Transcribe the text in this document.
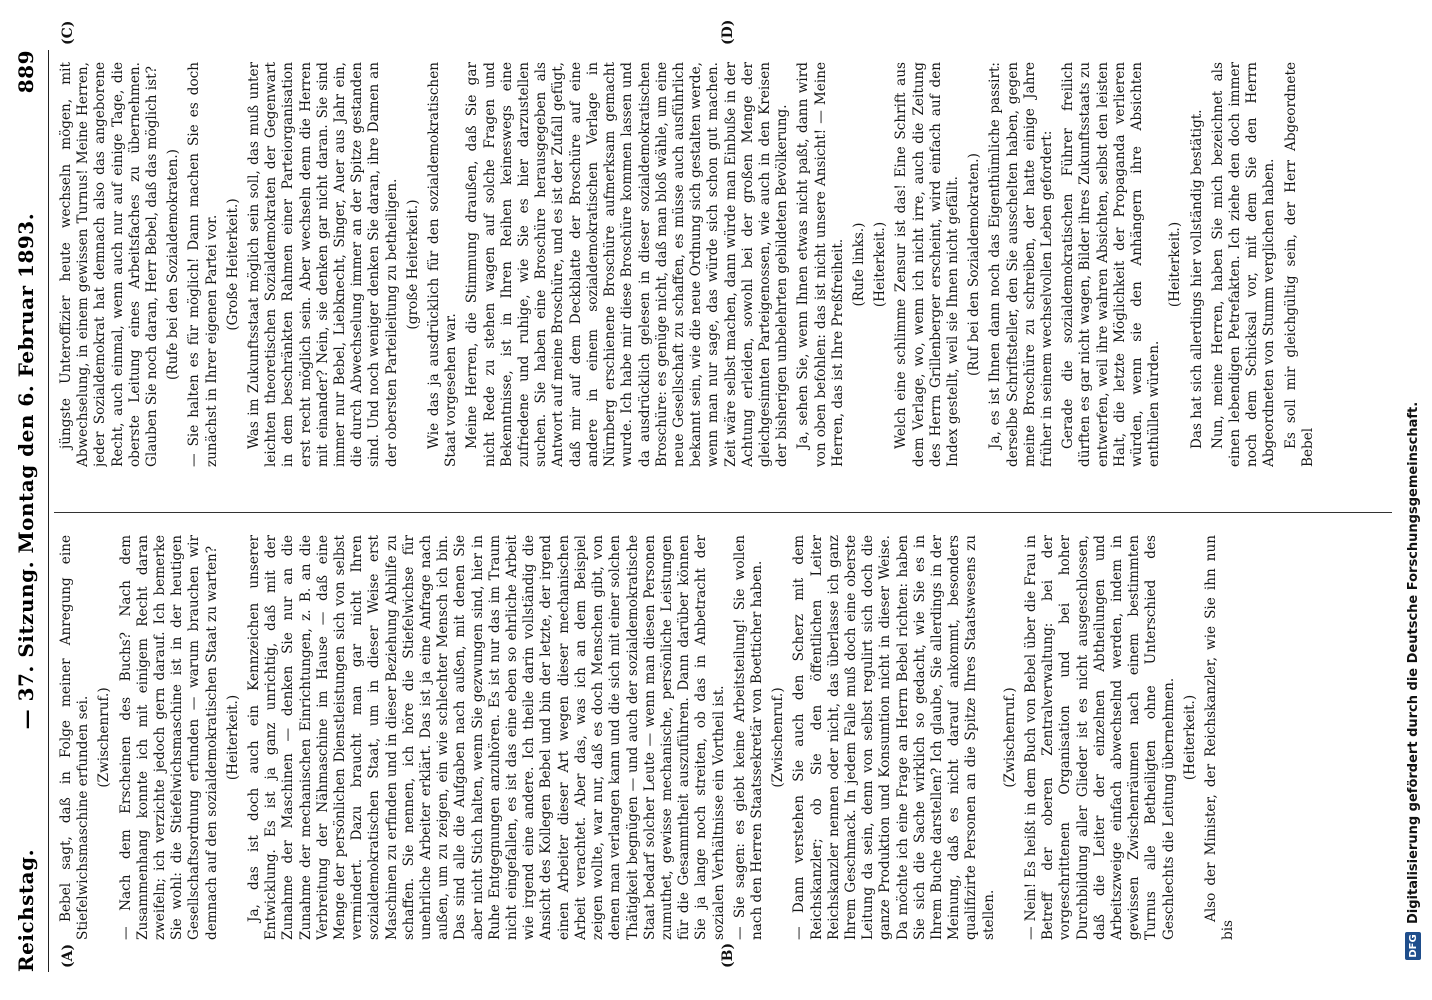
Reichstag.
— 37. Sitzung. Montag den 6. Februar 1893.
889
(A)	(B)
(C)	(D)

Bebel sagt, daß in Folge meiner Anregung eine Stiefelwichsmaschine erfunden sei. (Zwischenruf.) — Nach dem Erscheinen des Buchs? Nach dem Zusammenhang konnte ich mit einigem Recht daran zweifeln; ich verzichte jedoch gern darauf. Ich bemerke Sie wohl: die Stiefelwichsmaschine ist in der heutigen Gesellschaftsordnung erfunden — warum brauchen wir demnach auf den sozialdemokratischen Staat zu warten? (Heiterkeit.) Ja, das ist doch auch ein Kennzeichen unserer Entwicklung. Es ist ja ganz unrichtig, daß mit der Zunahme der Maschinen — denken Sie nur an die Zunahme der mechanischen Einrichtungen, z. B. an die Verbreitung der Nähmaschine im Hause — daß eine Menge der persönlichen Dienstleistungen sich von selbst vermindert. Dazu braucht man gar nicht Ihren sozialdemokratischen Staat, um in dieser Weise erst Maschinen zu erfinden und in dieser Beziehung Abhilfe zu schaffen. Sie nennen, ich höre die Stiefelwichse für unehrliche Arbeiter erklärt. Das ist ja eine Anfrage nach außen, um zu zeigen, ein wie schlechter Mensch ich bin. Das sind alle die Aufgaben nach außen, mit denen Sie aber nicht Stich halten, wenn Sie gezwungen sind, hier in Ruhe Entgegnungen anzuhören. Es ist nur das im Traum nicht eingefallen, es ist das eine eben so ehrliche Arbeit wie irgend eine andere. Ich theile darin vollständig die Ansicht des Kollegen Bebel und bin der letzte, der irgend einen Arbeiter dieser Art wegen dieser mechanischen Arbeit verachtet. Aber das, was ich an dem Beispiel zeigen wollte, war nur, daß es doch Menschen gibt, von denen man verlangen kann und die sich mit einer solchen Thätigkeit begnügen — und auch der sozialdemokratische Staat bedarf solcher Leute — wenn man diesen Personen zumuthet, gewisse mechanische, persönliche Leistungen für die Gesammtheit auszuführen. Dann darüber können Sie ja lange noch streiten, ob das in Anbetracht der sozialen Verhältnisse ein Vortheil ist. — Sie sagen: es giebt keine Arbeitsteilung! Sie wollen nach den Herren Staatssekretär von Boetticher haben. (Zwischenruf.) — Dann verstehen Sie auch den Scherz mit dem Reichskanzler; ob Sie den öffentlichen Leiter Reichskanzler nennen oder nicht, das überlasse ich ganz Ihrem Geschmack. In jedem Falle muß doch eine oberste Leitung da sein, denn von selbst regulirt sich doch die ganze Produktion und Konsumtion nicht in dieser Weise. Da möchte ich eine Frage an Herrn Bebel richten: haben Sie sich die Sache wirklich so gedacht, wie Sie es in Ihrem Buche darstellen? Ich glaube, Sie allerdings in der Meinung, daß es nicht darauf ankommt, besonders qualifizirte Personen an die Spitze Ihres Staatswesens zu stellen.

(Zwischenruf.) — Nein! Es heißt in dem Buch von Bebel über die Frau in Betreff der oberen Zentralverwaltung: bei der vorgeschrittenen Organisation und bei hoher Durchbildung aller Glieder ist es nicht ausgeschlossen, daß die Leiter der einzelnen Abtheilungen und Arbeitszweige einfach abwechselnd werden, indem in gewissen Zwischenräumen nach einem bestimmten Turnus alle Betheiligten ohne Unterschied des Geschlechts die Leitung übernehmen. (Heiterkeit.) Also der Minister, der Reichskanzler, wie Sie ihn nun bis

jüngste Unteroffizier heute wechseln mögen, mit Abwechselung, in einem gewissen Turnus! Meine Herren, jeder Sozialdemokrat hat demnach also das angeborene Recht, auch einmal, wenn auch nur auf einige Tage, die oberste Leitung eines Arbeitsfaches zu übernehmen. Glauben Sie noch daran, Herr Bebel, daß das möglich ist? (Rufe bei den Sozialdemokraten.) — Sie halten es für möglich! Dann machen Sie es doch zunächst in Ihrer eigenen Partei vor. (Große Heiterkeit.) Was im Zukunftsstaat möglich sein soll, das muß unter leichten theoretischen Sozialdemokraten der Gegenwart in dem beschränkten Rahmen einer Parteiorganisation erst recht möglich sein. Aber wechseln denn die Herren mit einander? Nein, sie denken gar nicht daran. Sie sind immer nur Bebel, Liebknecht, Singer, Auer aus Jahr ein, die durch Abwechselung immer an der Spitze gestanden sind. Und noch weniger denken Sie daran, ihre Damen an der obersten Parteileitung zu betheiligen. (große Heiterkeit.) Wie das ja ausdrücklich für den sozialdemokratischen Staat vorgesehen war. Meine Herren, die Stimmung draußen, daß Sie gar nicht Rede zu stehen wagen auf solche Fragen und Bekenntnisse, ist in Ihren Reihen keineswegs eine zufriedene und ruhige, wie Sie es hier darzustellen suchen. Sie haben eine Broschüre herausgegeben als Antwort auf meine Broschüre, und es ist der Zufall gefügt, daß mir auf dem Deckblatte der Broschüre auf eine andere in einem sozialdemokratischen Verlage in Nürnberg erschienene Broschüre aufmerksam gemacht wurde. Ich habe mir diese Broschüre kommen lassen und da ausdrücklich gelesen in dieser sozialdemokratischen Broschüre: es genüge nicht, daß man bloß wähle, um eine neue Gesellschaft zu schaffen, es müsse auch ausführlich bekannt sein, wie die neue Ordnung sich gestalten werde, wenn man nur sage, das würde sich schon gut machen. Zeit wäre selbst machen, dann würde man Einbuße in der Achtung erleiden, sowohl bei der großen Menge der gleichgesinnten Parteigenossen, wie auch in den Kreisen der bisherigen unbelehrten gebildeten Bevölkerung. Ja, sehen Sie, wenn Ihnen etwas nicht paßt, dann wird von oben befohlen: das ist nicht unsere Ansicht! — Meine Herren, das ist Ihre Preßfreiheit. (Rufe links.) (Heiterkeit.) Welch eine schlimme Zensur ist das! Eine Schrift aus dem Verlage, wo, wenn ich nicht irre, auch die Zeitung des Herrn Grillenberger erscheint, wird einfach auf den Index gestellt, weil sie Ihnen nicht gefällt. (Ruf bei den Sozialdemokraten.) Ja, es ist Ihnen dann noch das Eigenthümliche passirt: derselbe Schriftsteller, den Sie ausschelten haben, gegen meine Broschüre zu schreiben, der hatte einige Jahre früher in seinem wechselvollen Leben gefordert: Gerade die sozialdemokratischen Führer freilich dürften es gar nicht wagen, Bilder ihres Zukunftsstaats zu entwerfen, weil ihre wahren Absichten, selbst den leisten Halt, die letzte Möglichkeit der Propaganda verlieren würden, wenn sie den Anhängern ihre Absichten enthüllen würden.

(Heiterkeit.) Das hat sich allerdings hier vollständig bestätigt. Nun, meine Herren, haben Sie mich bezeichnet als einen lebendigen Petrefakten. Ich ziehe den doch immer noch dem Schicksal vor, mit dem Sie den Herrn Abgeordneten von Stumm verglichen haben. Es soll mir gleichgültig sein, der Herr Abgeordnete Bebel

DFG
Digitalisierung gefördert durch die Deutsche Forschungsgemeinschaft.
